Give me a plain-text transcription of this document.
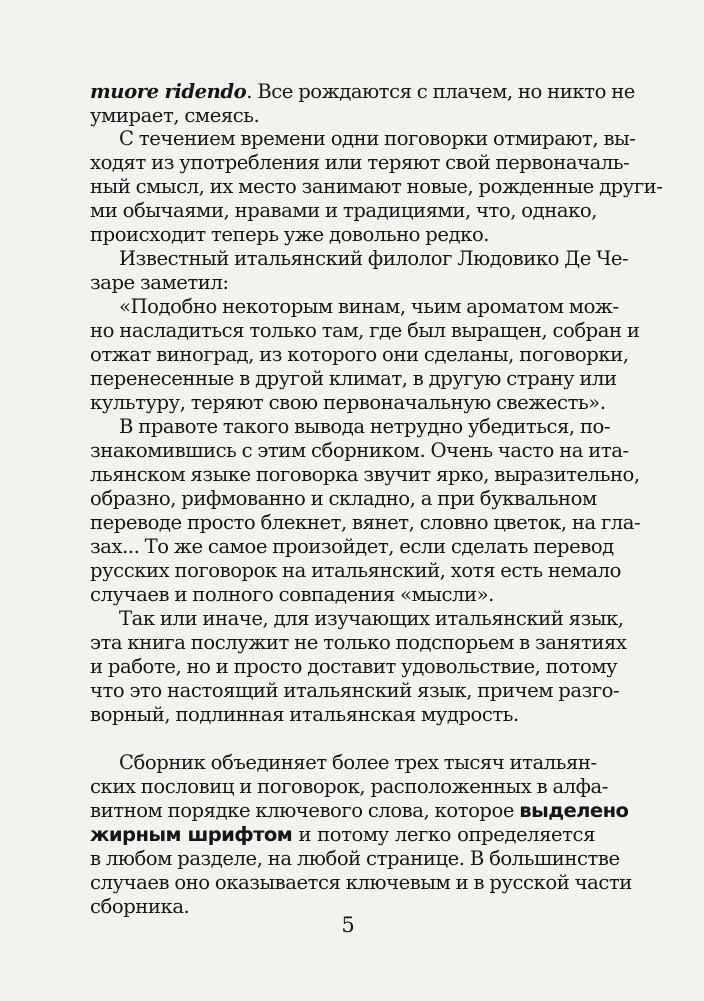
muore ridendo. Все рождаются с плачем, но никто не
умирает, смеясь.
С течением времени одни поговорки отмирают, вы-
ходят из употребления или теряют свой первоначаль-
ный смысл, их место занимают новые, рожденные други-
ми обычаями, нравами и традициями, что, однако,
происходит теперь уже довольно редко.
Известный итальянский филолог Людовико Де Че-
заре заметил:
«Подобно некоторым винам, чьим ароматом мож-
но насладиться только там, где был выращен, собран и
отжат виноград, из которого они сделаны, поговорки,
перенесенные в другой климат, в другую страну или
культуру, теряют свою первоначальную свежесть».
В правоте такого вывода нетрудно убедиться, по-
знакомившись с этим сборником. Очень часто на ита-
льянском языке поговорка звучит ярко, выразительно,
образно, рифмованно и складно, а при буквальном
переводе просто блекнет, вянет, словно цветок, на гла-
зах... То же самое произойдет, если сделать перевод
русских поговорок на итальянский, хотя есть немало
случаев и полного совпадения «мысли».
Так или иначе, для изучающих итальянский язык,
эта книга послужит не только подспорьем в занятиях
и работе, но и просто доставит удовольствие, потому
что это настоящий итальянский язык, причем разго-
ворный, подлинная итальянская мудрость.
Сборник объединяет более трех тысяч итальян-
ских пословиц и поговорок, расположенных в алфа-
витном порядке ключевого слова, которое выделено
жирным шрифтом и потому легко определяется
в любом разделе, на любой странице. В большинстве
случаев оно оказывается ключевым и в русской части
сборника.
5
